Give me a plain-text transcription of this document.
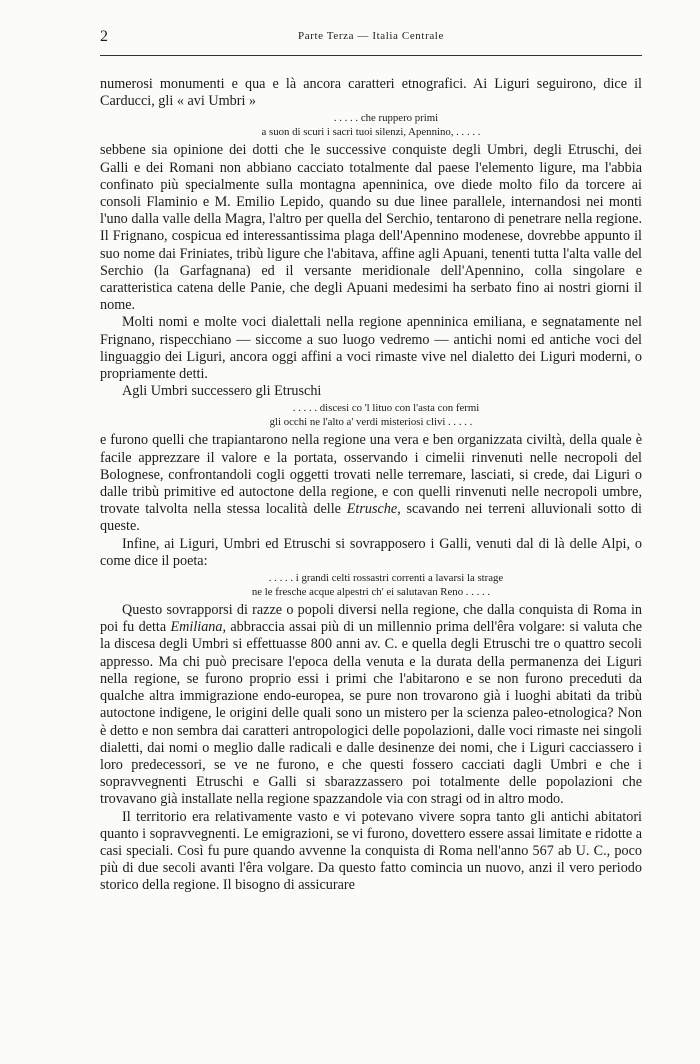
2	Parte Terza — Italia Centrale

numerosi monumenti e qua e là ancora caratteri etnografici. Ai Liguri seguirono, dice il Carducci, gli « avi Umbri »

. . . . . che ruppero primi
a suon di scuri i sacri tuoi silenzi, Apennino, . . . . .

sebbene sia opinione dei dotti che le successive conquiste degli Umbri, degli Etruschi, dei Galli e dei Romani non abbiano cacciato totalmente dal paese l'elemento ligure, ma l'abbia confinato più specialmente sulla montagna apenninica, ove diede molto filo da torcere ai consoli Flaminio e M. Emilio Lepido, quando su due linee parallele, internandosi nei monti l'uno dalla valle della Magra, l'altro per quella del Serchio, tentarono di penetrare nella regione. Il Frignano, cospicua ed interessantissima plaga dell'Apennino modenese, dovrebbe appunto il suo nome dai Friniates, tribù ligure che l'abitava, affine agli Apuani, tenenti tutta l'alta valle del Serchio (la Garfagnana) ed il versante meridionale dell'Apennino, colla singolare e caratteristica catena delle Panie, che degli Apuani medesimi ha serbato fino ai nostri giorni il nome.

Molti nomi e molte voci dialettali nella regione apenninica emiliana, e segnatamente nel Frignano, rispecchiano — siccome a suo luogo vedremo — antichi nomi ed antiche voci del linguaggio dei Liguri, ancora oggi affini a voci rimaste vive nel dialetto dei Liguri moderni, o propriamente detti.

Agli Umbri successero gli Etruschi

. . . . . discesi co 'l lituo con l'asta con fermi
gli occhi ne l'alto a' verdi misteriosi clivi . . . . .

e furono quelli che trapiantarono nella regione una vera e ben organizzata civiltà, della quale è facile apprezzare il valore e la portata, osservando i cimelii rinvenuti nelle necropoli del Bolognese, confrontandoli cogli oggetti trovati nelle terremare, lasciati, si crede, dai Liguri o dalle tribù primitive ed autoctone della regione, e con quelli rinvenuti nelle necropoli umbre, trovate talvolta nella stessa località delle Etrusche, scavando nei terreni alluvionali sotto di queste.

Infine, ai Liguri, Umbri ed Etruschi si sovrapposero i Galli, venuti dal di là delle Alpi, o come dice il poeta:

. . . . . i grandi celti rossastri correnti a lavarsi la strage
ne le fresche acque alpestri ch' ei salutavan Reno . . . . .

Questo sovrapporsi di razze o popoli diversi nella regione, che dalla conquista di Roma in poi fu detta Emiliana, abbraccia assai più di un millennio prima dell'êra volgare: si valuta che la discesa degli Umbri si effettuasse 800 anni av. C. e quella degli Etruschi tre o quattro secoli appresso. Ma chi può precisare l'epoca della venuta e la durata della permanenza dei Liguri nella regione, se furono proprio essi i primi che l'abitarono e se non furono preceduti da qualche altra immigrazione endo-europea, se pure non trovarono già i luoghi abitati da tribù autoctone indigene, le origini delle quali sono un mistero per la scienza paleo-etnologica? Non è detto e non sembra dai caratteri antropologici delle popolazioni, dalle voci rimaste nei singoli dialetti, dai nomi o meglio dalle radicali e dalle desinenze dei nomi, che i Liguri cacciassero i loro predecessori, se ve ne furono, e che questi fossero cacciati dagli Umbri e che i sopravvegnenti Etruschi e Galli si sbarazzassero poi totalmente delle popolazioni che trovavano già installate nella regione spazzandole via con stragi od in altro modo.

Il territorio era relativamente vasto e vi potevano vivere sopra tanto gli antichi abitatori quanto i sopravvegnenti. Le emigrazioni, se vi furono, dovettero essere assai limitate e ridotte a casi speciali. Così fu pure quando avvenne la conquista di Roma nell'anno 567 ab U. C., poco più di due secoli avanti l'êra volgare. Da questo fatto comincia un nuovo, anzi il vero periodo storico della regione. Il bisogno di assicurare
